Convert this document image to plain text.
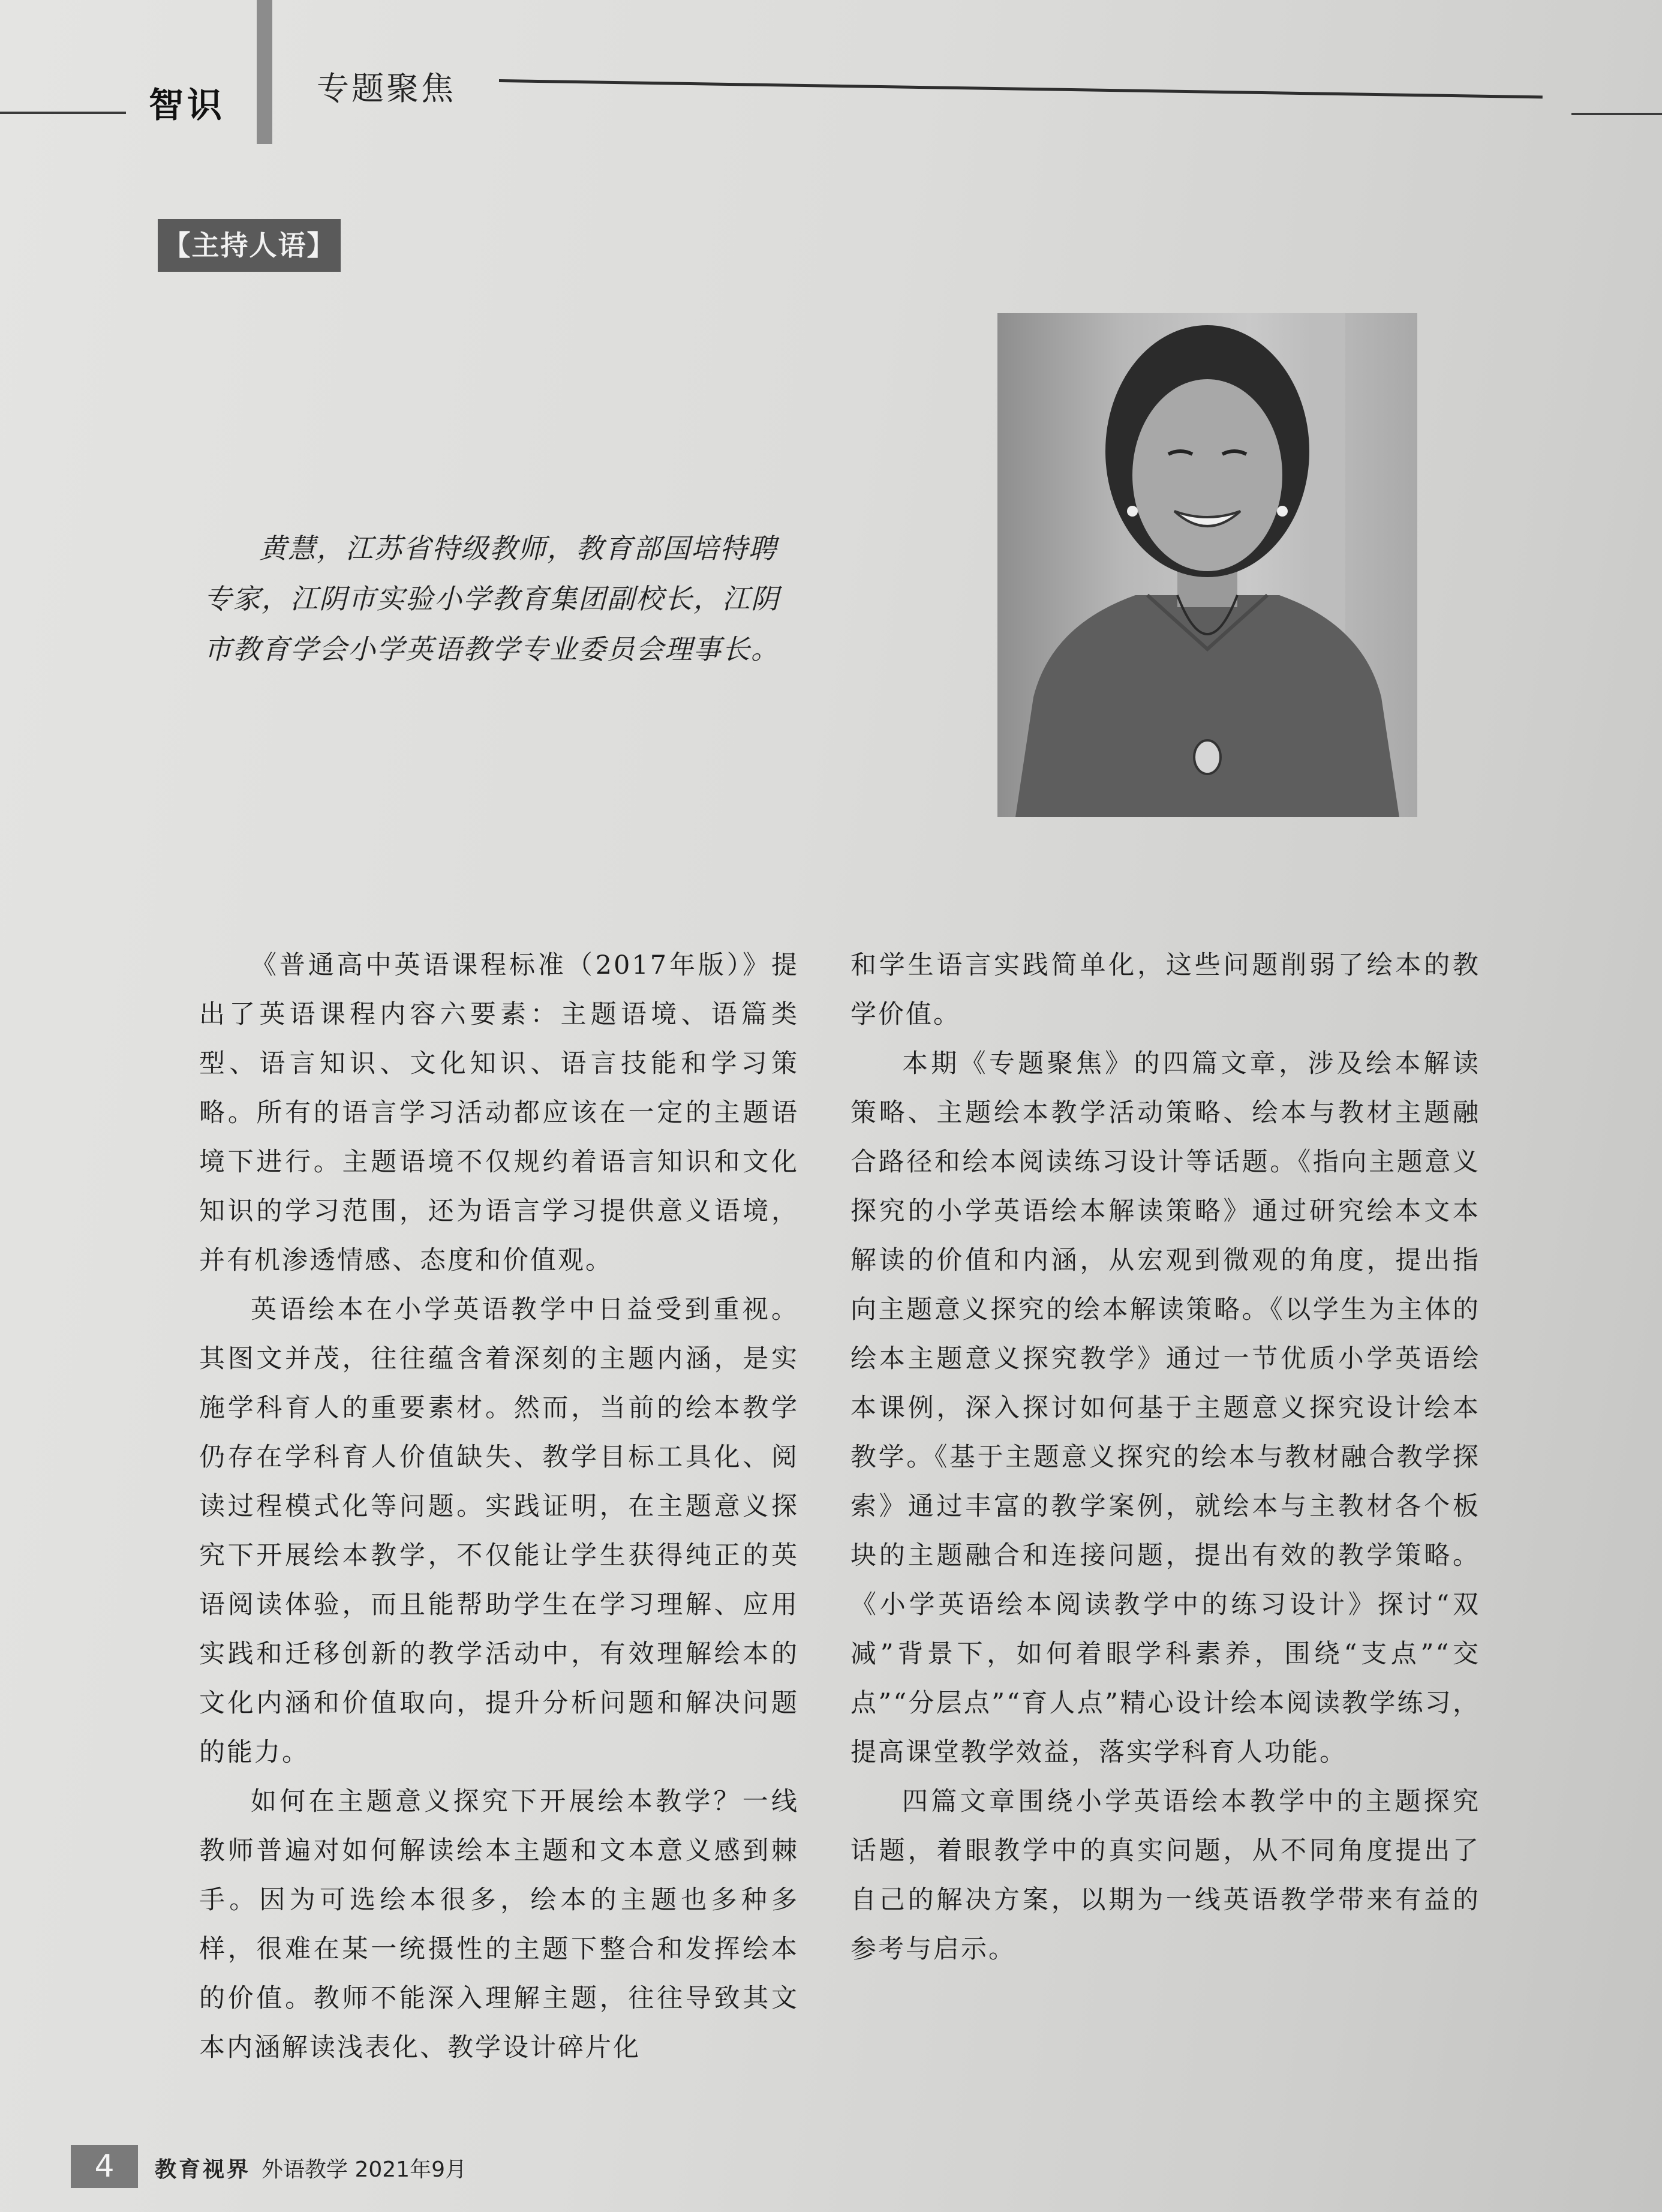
智识	专题聚焦
【主持人语】

黄慧，江苏省特级教师，教育部国培特聘专家，江阴市实验小学教育集团副校长，江阴市教育学会小学英语教学专业委员会理事长。

《普通高中英语课程标准（2017年版）》提出了英语课程内容六要素：主题语境、语篇类型、语言知识、文化知识、语言技能和学习策略。所有的语言学习活动都应该在一定的主题语境下进行。主题语境不仅规约着语言知识和文化知识的学习范围，还为语言学习提供意义语境，并有机渗透情感、态度和价值观。

英语绘本在小学英语教学中日益受到重视。其图文并茂，往往蕴含着深刻的主题内涵，是实施学科育人的重要素材。然而，当前的绘本教学仍存在学科育人价值缺失、教学目标工具化、阅读过程模式化等问题。实践证明，在主题意义探究下开展绘本教学，不仅能让学生获得纯正的英语阅读体验，而且能帮助学生在学习理解、应用实践和迁移创新的教学活动中，有效理解绘本的文化内涵和价值取向，提升分析问题和解决问题的能力。

如何在主题意义探究下开展绘本教学？一线教师普遍对如何解读绘本主题和文本意义感到棘手。因为可选绘本很多，绘本的主题也多种多样，很难在某一统摄性的主题下整合和发挥绘本的价值。教师不能深入理解主题，往往导致其文本内涵解读浅表化、教学设计碎片化

和学生语言实践简单化，这些问题削弱了绘本的教学价值。

本期《专题聚焦》的四篇文章，涉及绘本解读策略、主题绘本教学活动策略、绘本与教材主题融合路径和绘本阅读练习设计等话题。《指向主题意义探究的小学英语绘本解读策略》通过研究绘本文本解读的价值和内涵，从宏观到微观的角度，提出指向主题意义探究的绘本解读策略。《以学生为主体的绘本主题意义探究教学》通过一节优质小学英语绘本课例，深入探讨如何基于主题意义探究设计绘本教学。《基于主题意义探究的绘本与教材融合教学探索》通过丰富的教学案例，就绘本与主教材各个板块的主题融合和连接问题，提出有效的教学策略。《小学英语绘本阅读教学中的练习设计》探讨“双减”背景下，如何着眼学科素养，围绕“支点”“交点”“分层点”“育人点”精心设计绘本阅读教学练习，提高课堂教学效益，落实学科育人功能。

四篇文章围绕小学英语绘本教学中的主题探究话题，着眼教学中的真实问题，从不同角度提出了自己的解决方案，以期为一线英语教学带来有益的参考与启示。

4	教育视界 外语教学 2021年9月
